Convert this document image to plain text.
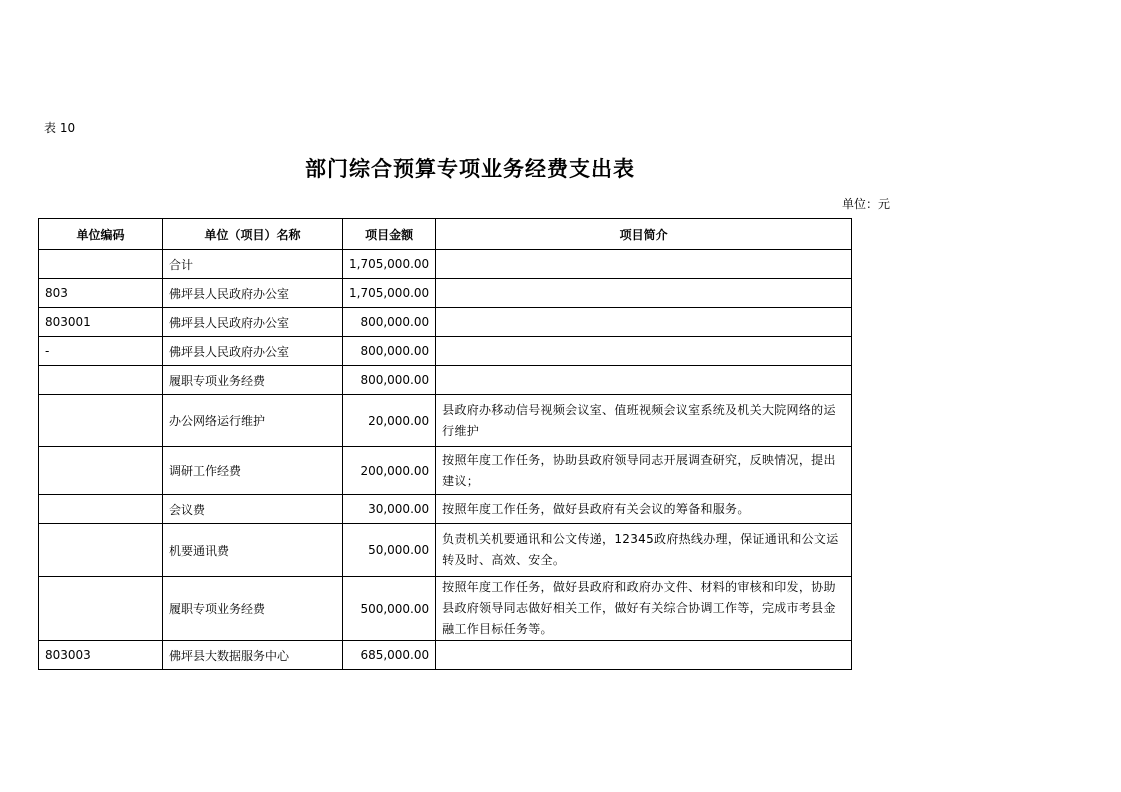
表 10
部门综合预算专项业务经费支出表
单位：元
单位编码	单位（项目）名称	项目金额	项目简介
	合计	1,705,000.00	
803	佛坪县人民政府办公室	1,705,000.00	
803001	佛坪县人民政府办公室	800,000.00	
-	佛坪县人民政府办公室	800,000.00	
	履职专项业务经费	800,000.00	
	办公网络运行维护	20,000.00	县政府办移动信号视频会议室、值班视频会议室系统及机关大院网络的运行维护
	调研工作经费	200,000.00	按照年度工作任务，协助县政府领导同志开展调查研究，反映情况，提出建议；
	会议费	30,000.00	按照年度工作任务，做好县政府有关会议的筹备和服务。
	机要通讯费	50,000.00	负责机关机要通讯和公文传递，12345政府热线办理，保证通讯和公文运转及时、高效、安全。
	履职专项业务经费	500,000.00	按照年度工作任务，做好县政府和政府办文件、材料的审核和印发，协助县政府领导同志做好相关工作，做好有关综合协调工作等，完成市考县金融工作目标任务等。
803003	佛坪县大数据服务中心	685,000.00	
